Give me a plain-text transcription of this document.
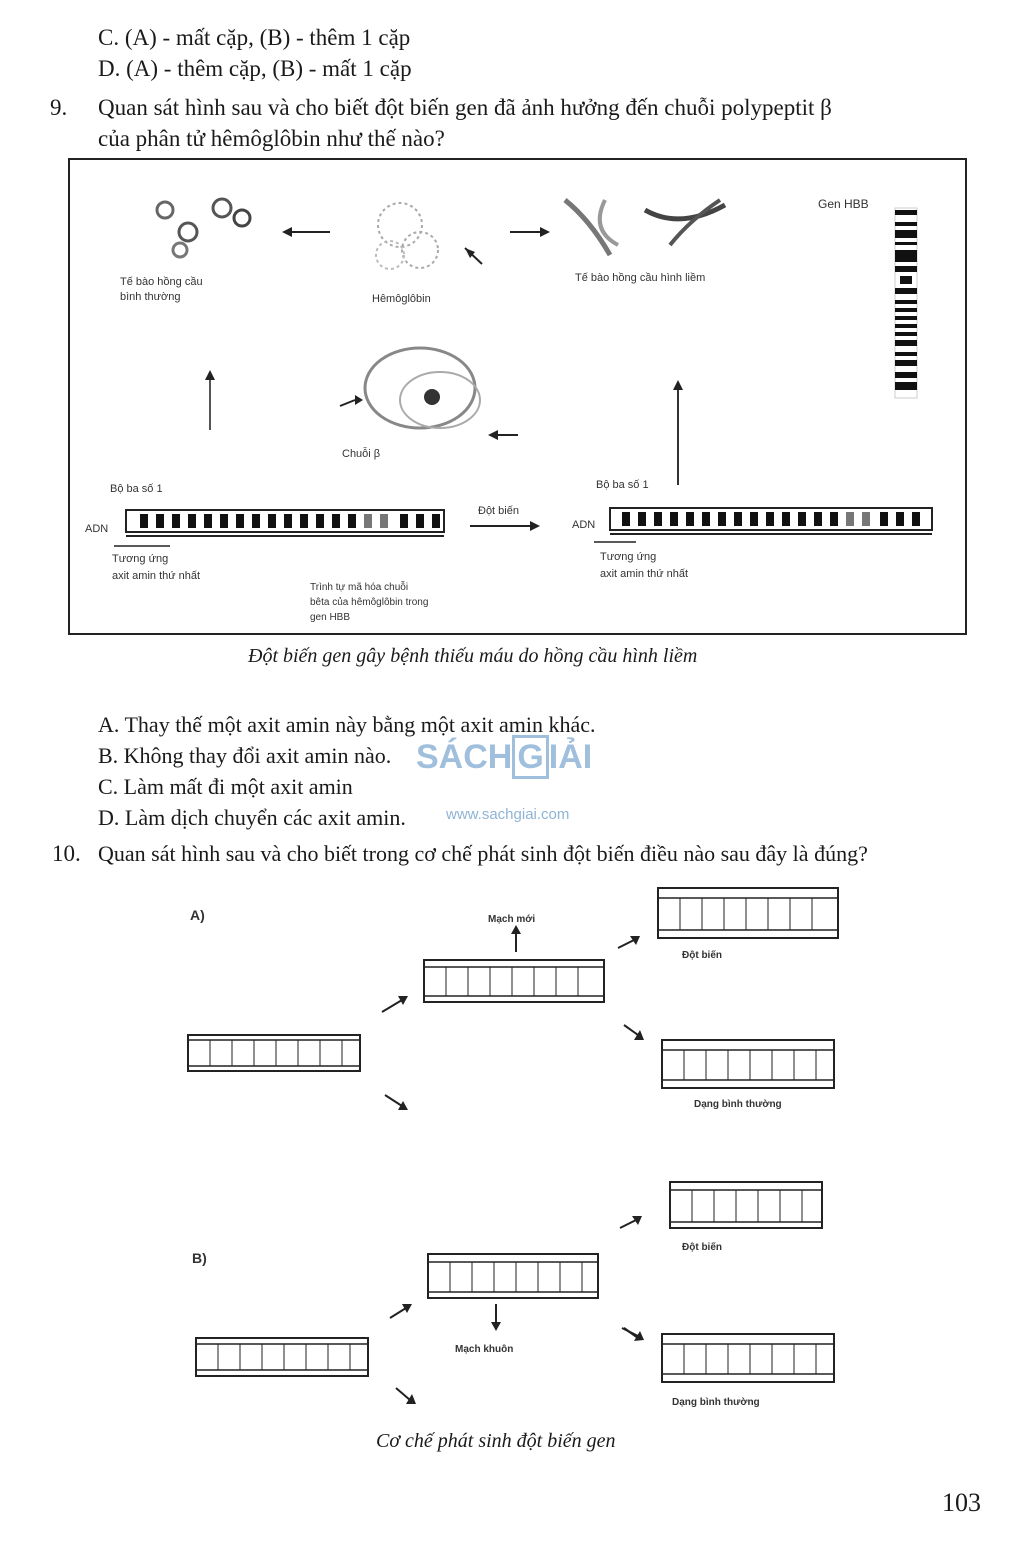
C. (A) - mất cặp, (B) - thêm 1 cặp
D. (A) - thêm cặp, (B) - mất 1 cặp
9. Quan sát hình sau và cho biết đột biến gen đã ảnh hưởng đến chuỗi polypeptit β
của phân tử hêmôglôbin như thế nào?
Tế bào hồng cầu
bình thường	Hêmôglôbin
Tế bào hồng cầu hình liềm
Gen HBB
Chuỗi β
Bộ ba số 1
ADN
Tương ứng
axit amin thứ nhất
Trình tự mã hóa chuỗi
bêta của hêmôglôbin trong
gen HBB
Đột biến
Bộ ba số 1
ADN
Tương ứng
axit amin thứ nhất
Đột biến gen gây bệnh thiếu máu do hồng cầu hình liềm
A. Thay thế một axit amin này bằng một axit amin khác.
B. Không thay đổi axit amin nào.
C. Làm mất đi một axit amin
D. Làm dịch chuyển các axit amin.
SÁCH G IẢI
www.sachgiai.com
10. Quan sát hình sau và cho biết trong cơ chế phát sinh đột biến điều nào sau đây là đúng?
A)	Mạch mới
Đột biến
Dạng bình thường
B)
Mạch khuôn
Đột biến
Dạng bình thường
Cơ chế phát sinh đột biến gen
103
